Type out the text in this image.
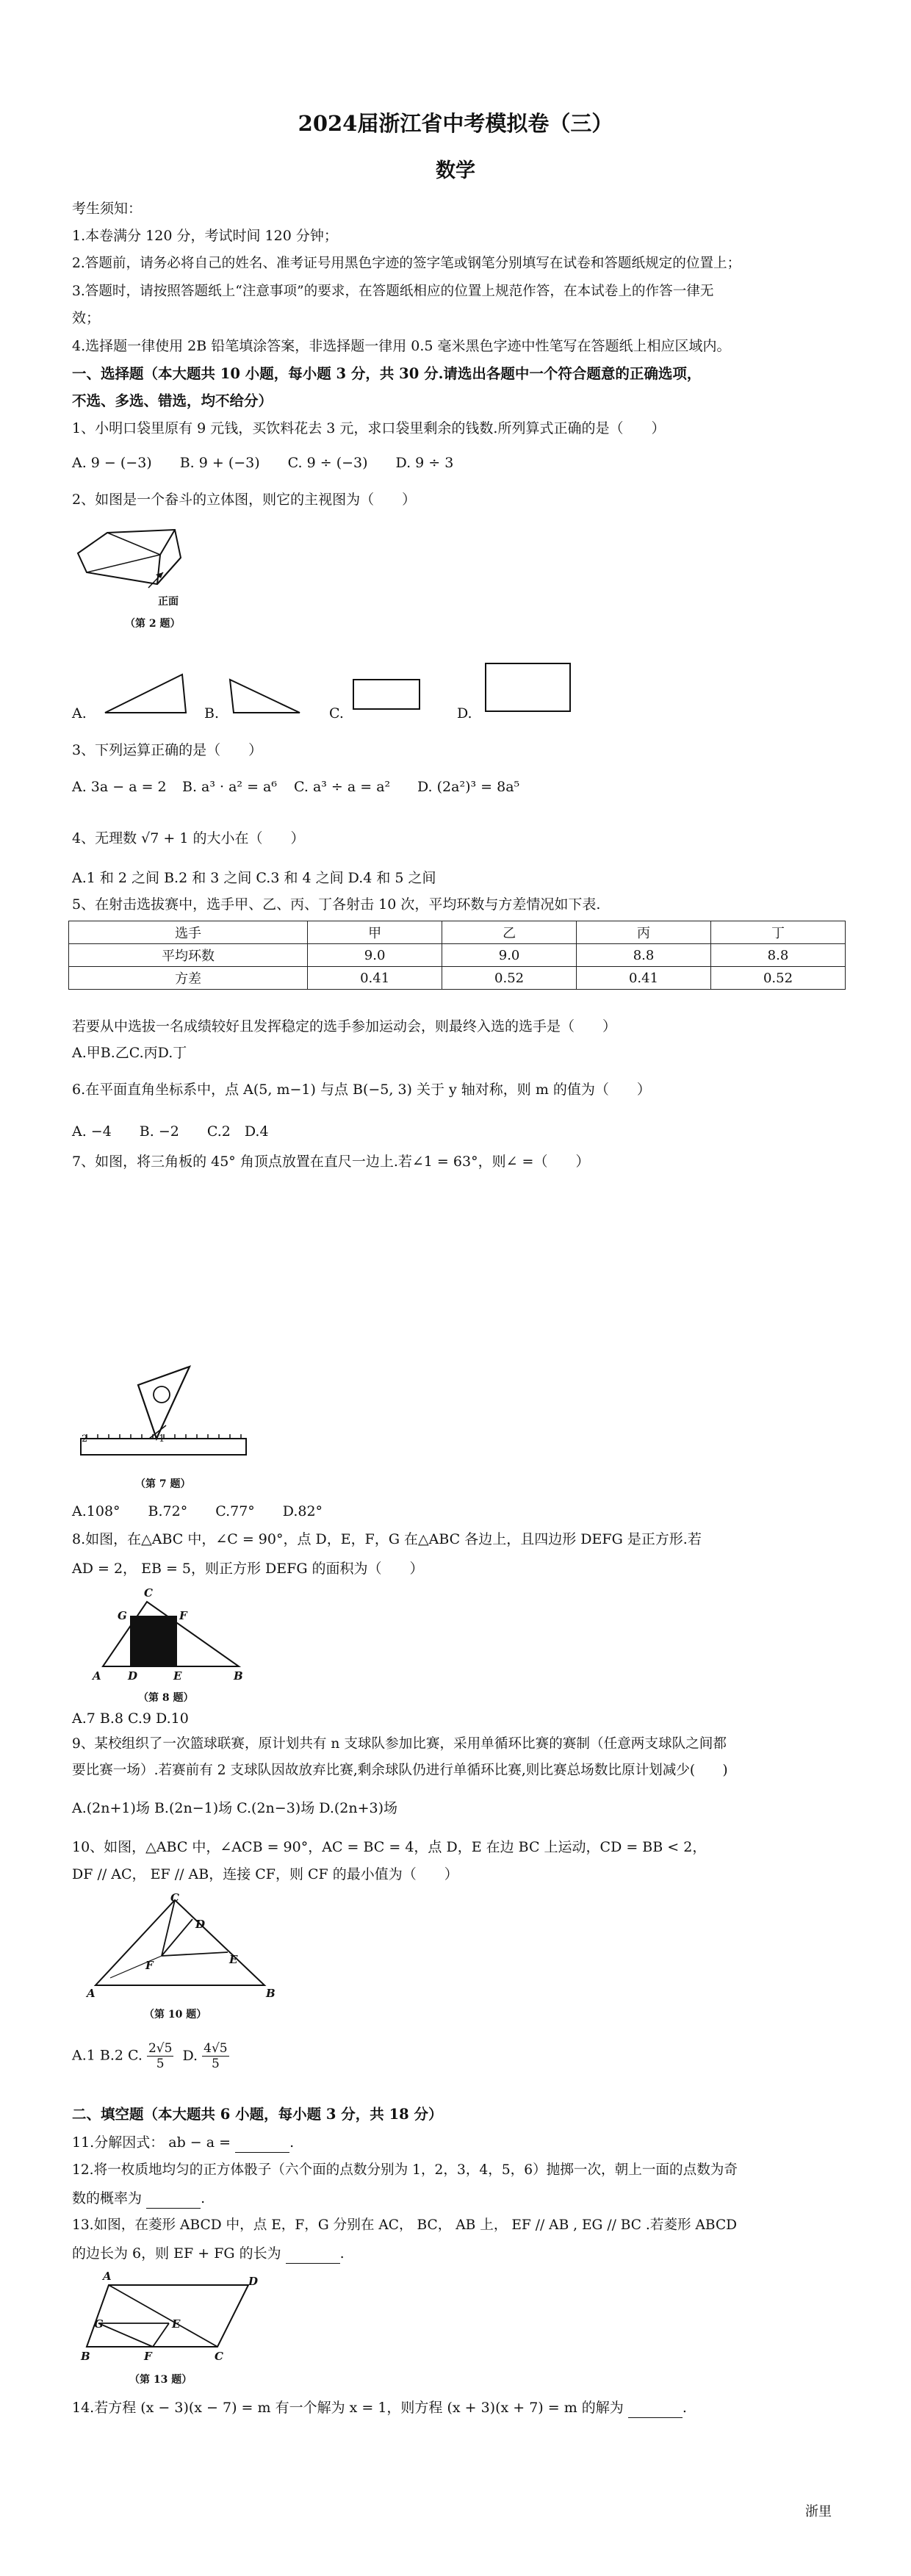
2024届浙江省中考模拟卷（三）
数学
考生须知：
1.本卷满分 120 分，考试时间 120 分钟；
2.答题前，请务必将自己的姓名、准考证号用黑色字迹的签字笔或钢笔分别填写在试卷和答题纸规定的位置上；
3.答题时，请按照答题纸上“注意事项”的要求，在答题纸相应的位置上规范作答，在本试卷上的作答一律无
效；
4.选择题一律使用 2B 铅笔填涂答案，非选择题一律用 0.5 毫米黑色字迹中性笔写在答题纸上相应区域内。
一、选择题（本大题共 10 小题，每小题 3 分，共 30 分.请选出各题中一个符合题意的正确选项，
不选、多选、错选，均不给分）
1、小明口袋里原有 9 元钱，买饮料花去 3 元，求口袋里剩余的钱数.所列算式正确的是（　　）
A. 9 − (−3)　　B. 9 + (−3)　　C. 9 ÷ (−3)　　D. 9 ÷ 3
2、如图是一个畚斗的立体图，则它的主视图为（　　）
正面
（第 2 题）
A.	B.	C.	D.
3、下列运算正确的是（　　）
A. 3a − a = 2 B. a³ · a² = a⁶ C. a³ ÷ a = a² D. (2a²)³ = 8a⁵
4、无理数 √7 + 1 的大小在（　　）
A.1 和 2 之间 B.2 和 3 之间 C.3 和 4 之间 D.4 和 5 之间
5、在射击选拔赛中，选手甲、乙、丙、丁各射击 10 次，平均环数与方差情况如下表.
选手	甲	乙	丙	丁
平均环数	9.0	9.0	8.8	8.8
方差	0.41	0.52	0.41	0.52
若要从中选拔一名成绩较好且发挥稳定的选手参加运动会，则最终入选的选手是（　　）
A.甲B.乙C.丙D.丁
6.在平面直角坐标系中，点 A(5, m−1) 与点 B(−5, 3) 关于 y 轴对称，则 m 的值为（　　）
A. −4　　B. −2　　C.2　D.4
7、如图，将三角板的 45° 角顶点放置在直尺一边上.若∠1 = 63°，则∠ =（　　）
2	1
（第 7 题）
A.108°　　B.72°　　C.77°　　D.82°
8.如图，在△ABC 中，∠C = 90°，点 D，E，F，G 在△ABC 各边上，且四边形 DEFG 是正方形.若
AD = 2， EB = 5，则正方形 DEFG 的面积为（　　）
C
G	F
A D	E	B
（第 8 题）
A.7 B.8 C.9 D.10
9、某校组织了一次篮球联赛，原计划共有 n 支球队参加比赛，采用单循环比赛的赛制（任意两支球队之间都
要比赛一场）.若赛前有 2 支球队因故放弃比赛,剩余球队仍进行单循环比赛,则比赛总场数比原计划减少(　　)
A.(2n+1)场 B.(2n−1)场 C.(2n−3)场 D.(2n+3)场
10、如图，△ABC 中，∠ACB = 90°，AC = BC = 4，点 D，E 在边 BC 上运动，CD = BB < 2，
DF // AC， EF // AB，连接 CF，则 CF 的最小值为（　　）
C
D
E
F
A	B
（第 10 题）
A.1 B.2 C. $\frac{2√5}{5} D$. $\frac{4√5}{5}$
二、填空题（本大题共 6 小题，每小题 3 分，共 18 分）
11.分解因式： ab − a =	.
12.将一枚质地均匀的正方体骰子（六个面的点数分别为 1，2，3，4，5，6）抛掷一次，朝上一面的点数为奇
数的概率为	.
13.如图，在菱形 ABCD 中，点 E，F，G 分别在 AC， BC， AB 上， EF // AB , EG // BC .若菱形 ABCD
的边长为 6，则 EF + FG 的长为	.
A	D
G	E
B	F	C
（第 13 题）
14.若方程 (x − 3)(x − 7) = m 有一个解为 x = 1，则方程 (x + 3)(x + 7) = m 的解为	.
浙里
